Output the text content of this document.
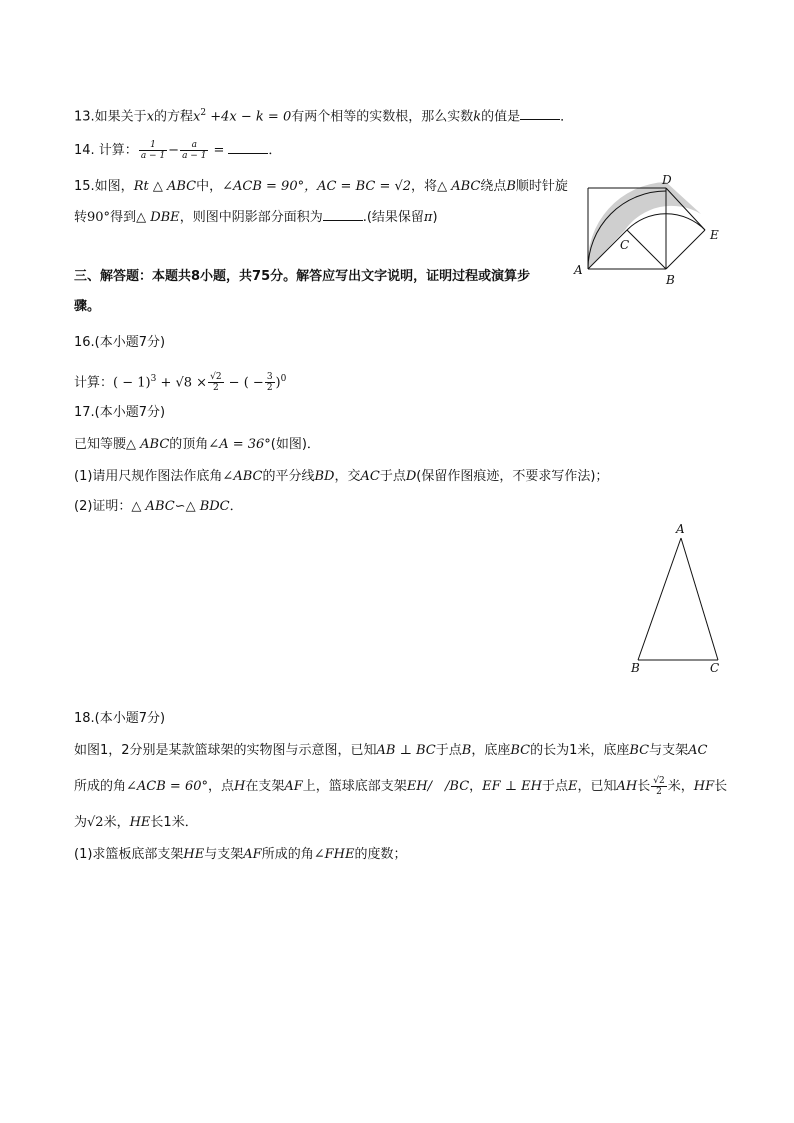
13.如果关于x的方程$x^2 +4x - k = 0$有两个相等的实数根，那么实数k的值是	．
14. 计算： $\frac{1}{a - 1} - \frac{a}{a - 1}$ =	．
15.如图，Rt △ ABC中，∠ACB = 90°，AC = BC = √2，将△ ABC绕点B顺时针旋
转90°得到△ DBE，则图中阴影部分面积为	.(结果保留π)
A
B
C
D
E
三、解答题：本题共8小题，共75分。解答应写出文字说明，证明过程或演算步
骤。
16.(本小题7分)
计算：( − $1)^3 + √8 \times \frac{√2}{2}$ − ( − $\frac{3}{2} )^0$
17.(本小题7分)
已知等腰△ ABC的顶角∠A = 36°(如图)．
(1)请用尺规作图法作底角∠ABC的平分线BD，交AC于点D(保留作图痕迹，不要求写作法)；
(2)证明：△ ABC∽△ BDC．
A
B	C
18.(本小题7分)
如图1，2分别是某款篮球架的实物图与示意图，已知AB ⊥ BC于点B，底座BC的长为1米，底座BC与支架AC
所成的角∠ACB = 60°，点H在支架AF上，篮球底部支架EH/　/BC，EF ⊥ EH于点E，已知AH长 $\frac{√2}{2}$ 米，HF长
为√2米，HE长1米．
(1)求篮板底部支架HE与支架AF所成的角∠FHE的度数；
